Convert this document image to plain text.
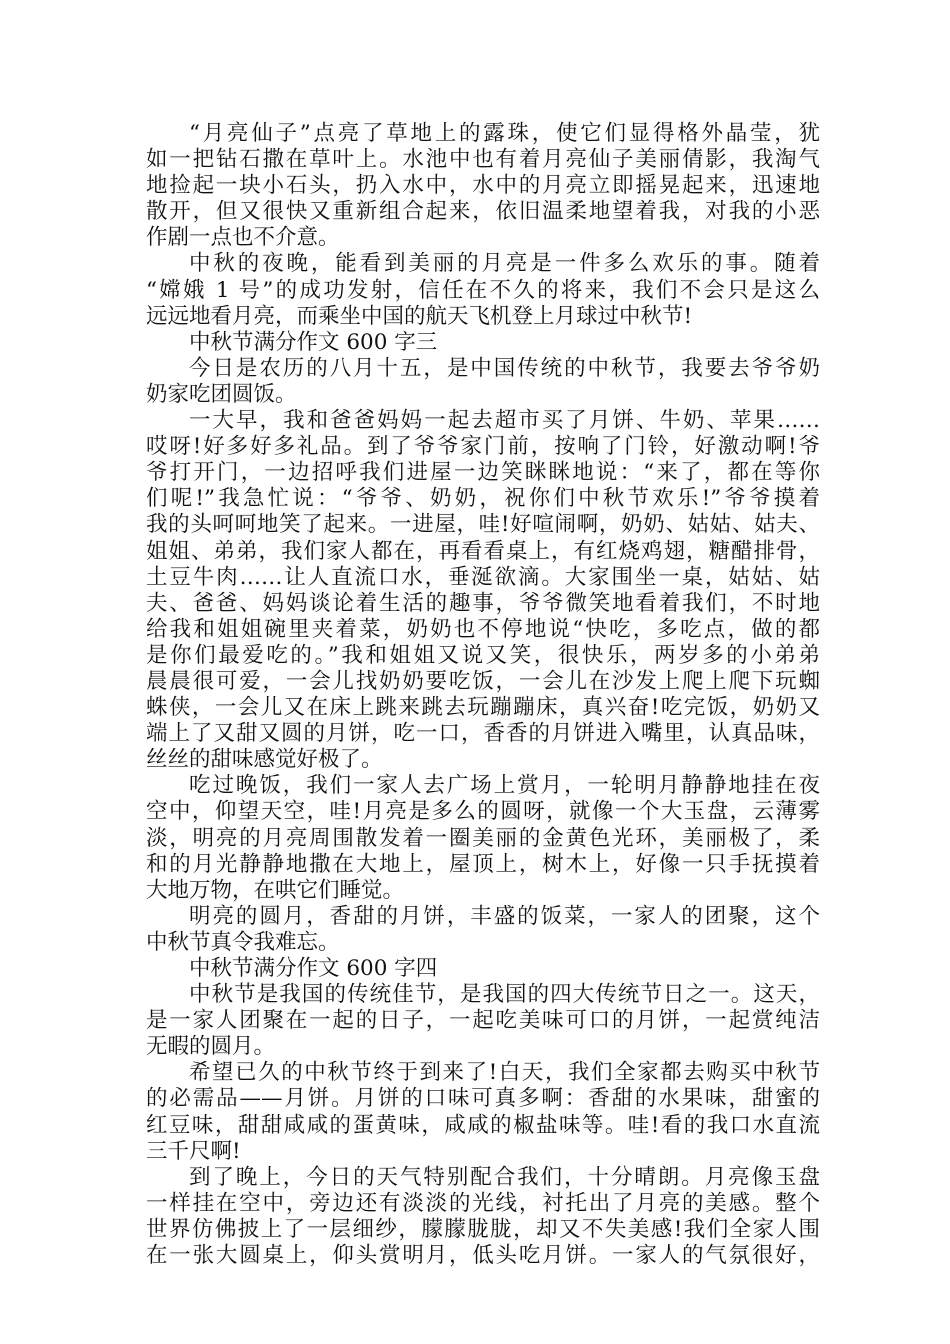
“月亮仙子”点亮了草地上的露珠，使它们显得格外晶莹，犹
如一把钻石撒在草叶上。水池中也有着月亮仙子美丽倩影，我淘气
地捡起一块小石头，扔入水中，水中的月亮立即摇晃起来，迅速地
散开，但又很快又重新组合起来，依旧温柔地望着我，对我的小恶
作剧一点也不介意。
中秋的夜晚，能看到美丽的月亮是一件多么欢乐的事。随着
“嫦娥 1 号”的成功发射，信任在不久的将来，我们不会只是这么
远远地看月亮，而乘坐中国的航天飞机登上月球过中秋节!
中秋节满分作文 600 字三
今日是农历的八月十五，是中国传统的中秋节，我要去爷爷奶
奶家吃团圆饭。
一大早，我和爸爸妈妈一起去超市买了月饼、牛奶、苹果……
哎呀!好多好多礼品。到了爷爷家门前，按响了门铃，好激动啊!爷
爷打开门，一边招呼我们进屋一边笑眯眯地说：“来了，都在等你
们呢!”我急忙说：“爷爷、奶奶，祝你们中秋节欢乐!”爷爷摸着
我的头呵呵地笑了起来。一进屋，哇!好喧闹啊，奶奶、姑姑、姑夫、
姐姐、弟弟，我们家人都在，再看看桌上，有红烧鸡翅，糖醋排骨，
土豆牛肉……让人直流口水，垂涎欲滴。大家围坐一桌，姑姑、姑
夫、爸爸、妈妈谈论着生活的趣事，爷爷微笑地看着我们，不时地
给我和姐姐碗里夹着菜，奶奶也不停地说“快吃，多吃点，做的都
是你们最爱吃的。”我和姐姐又说又笑，很快乐，两岁多的小弟弟
晨晨很可爱，一会儿找奶奶要吃饭，一会儿在沙发上爬上爬下玩蜘
蛛侠，一会儿又在床上跳来跳去玩蹦蹦床，真兴奋!吃完饭，奶奶又
端上了又甜又圆的月饼，吃一口，香香的月饼进入嘴里，认真品味，
丝丝的甜味感觉好极了。
吃过晚饭，我们一家人去广场上赏月，一轮明月静静地挂在夜
空中，仰望天空，哇!月亮是多么的圆呀，就像一个大玉盘，云薄雾
淡，明亮的月亮周围散发着一圈美丽的金黄色光环，美丽极了，柔
和的月光静静地撒在大地上，屋顶上，树木上，好像一只手抚摸着
大地万物，在哄它们睡觉。
明亮的圆月，香甜的月饼，丰盛的饭菜，一家人的团聚，这个
中秋节真令我难忘。
中秋节满分作文 600 字四
中秋节是我国的传统佳节，是我国的四大传统节日之一。这天，
是一家人团聚在一起的日子，一起吃美味可口的月饼，一起赏纯洁
无暇的圆月。
希望已久的中秋节终于到来了!白天，我们全家都去购买中秋节
的必需品——月饼。月饼的口味可真多啊：香甜的水果味，甜蜜的
红豆味，甜甜咸咸的蛋黄味，咸咸的椒盐味等。哇!看的我口水直流
三千尺啊!
到了晚上，今日的天气特别配合我们，十分晴朗。月亮像玉盘
一样挂在空中，旁边还有淡淡的光线，衬托出了月亮的美感。整个
世界仿佛披上了一层细纱，朦朦胧胧，却又不失美感!我们全家人围
在一张大圆桌上，仰头赏明月，低头吃月饼。一家人的气氛很好，
